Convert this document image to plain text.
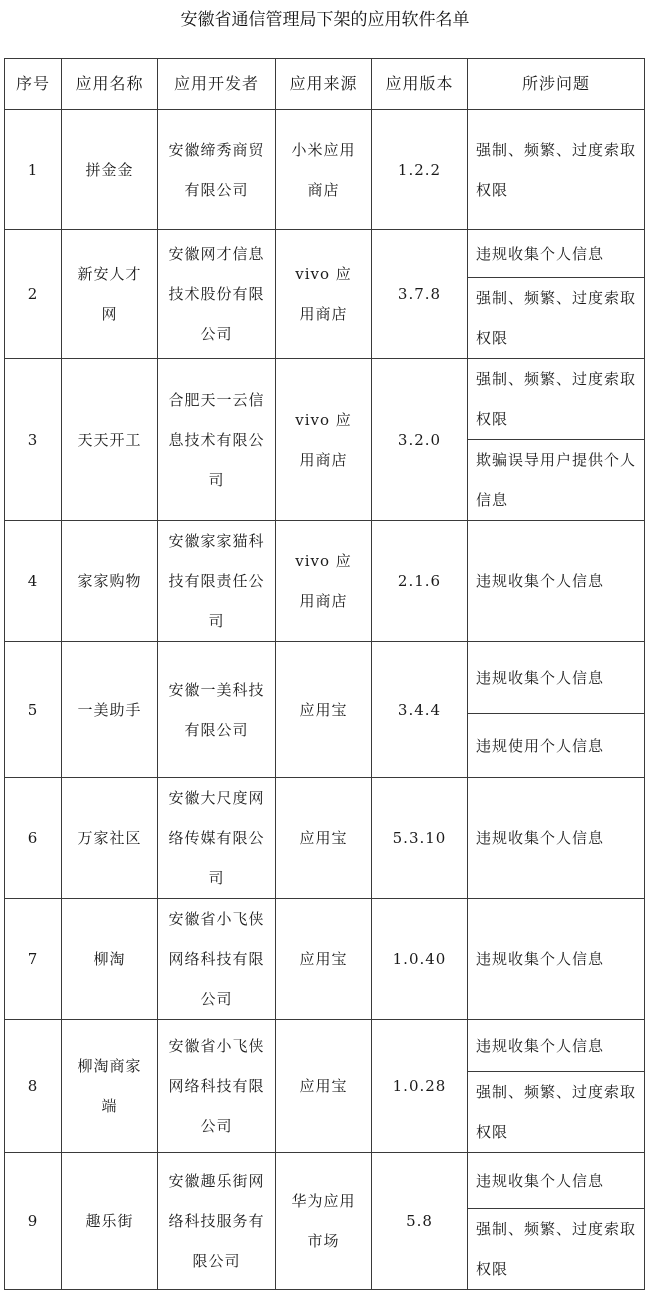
安徽省通信管理局下架的应用软件名单
序号	应用名称	应用开发者	应用来源	应用版本	所涉问题

1	拼金金	安徽缔秀商贸有限公司	小米应用商店	1.2.2	强制、频繁、过度索取权限

2	新安人才网	安徽网才信息技术股份有限公司	vivo 应用商店	3.7.8	违规收集个人信息

					强制、频繁、过度索取权限

3	天天开工	合肥天一云信息技术有限公司	vivo 应用商店	3.2.0	强制、频繁、过度索取权限

					欺骗误导用户提供个人信息

4	家家购物	安徽家家猫科技有限责任公司	vivo 应用商店	2.1.6	违规收集个人信息

5	一美助手	安徽一美科技有限公司	应用宝	3.4.4	违规收集个人信息

					违规使用个人信息

6	万家社区	安徽大尺度网络传媒有限公司	应用宝	5.3.10	违规收集个人信息

7	柳淘	安徽省小飞侠网络科技有限公司	应用宝	1.0.40	违规收集个人信息

8	柳淘商家端	安徽省小飞侠网络科技有限公司	应用宝	1.0.28	违规收集个人信息

					强制、频繁、过度索取权限

9	趣乐街	安徽趣乐街网络科技服务有限公司	华为应用市场	5.8	违规收集个人信息

					强制、频繁、过度索取权限
